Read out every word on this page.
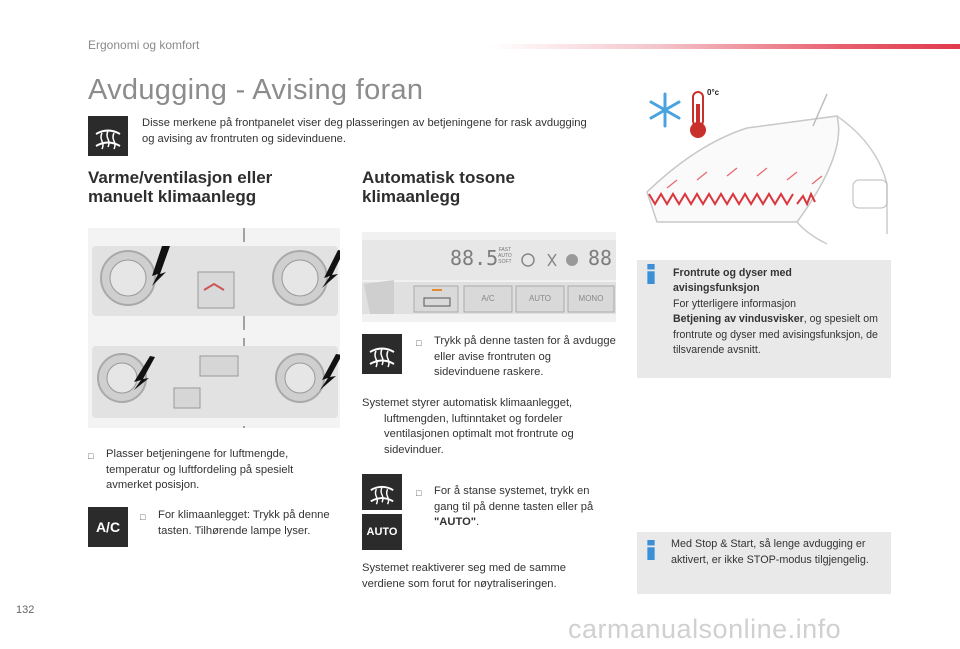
Ergonomi og komfort
Avdugging - Avising foran
Disse merkene på frontpanelet viser deg plasseringen av betjeningene for rask avdugging og avising av frontruten og sidevinduene.
Varme/ventilasjon eller
manuelt klimaanlegg
□	Plasser betjeningene for luftmengde, temperatur og luftfordeling på spesielt avmerket posisjon.
A/C
□	For klimaanlegget: Trykk på denne tasten. Tilhørende lampe lyser.
Automatisk tosone
klimaanlegg
88.5 FAST
AUTO
SOFT	88
A/C	AUTO	MONO
□	Trykk på denne tasten for å avdugge eller avise frontruten og sidevinduene raskere.
Systemet styrer automatisk klimaanlegget, luftmengden, luftinntaket og fordeler ventilasjonen optimalt mot frontrute og sidevinduer.
AUTO
□	For å stanse systemet, trykk en gang til på denne tasten eller på "AUTO".
Systemet reaktiverer seg med de samme verdiene som forut for nøytraliseringen.
0°c
Frontrute og dyser med
avisingsfunksjon
For ytterligere informasjon
Betjening av vindusvisker, og spesielt om frontrute og dyser med avisingsfunksjon, de tilsvarende avsnitt.
Med Stop & Start, så lenge avdugging er aktivert, er ikke STOP-modus tilgjengelig.
132
carmanualsonline.info
